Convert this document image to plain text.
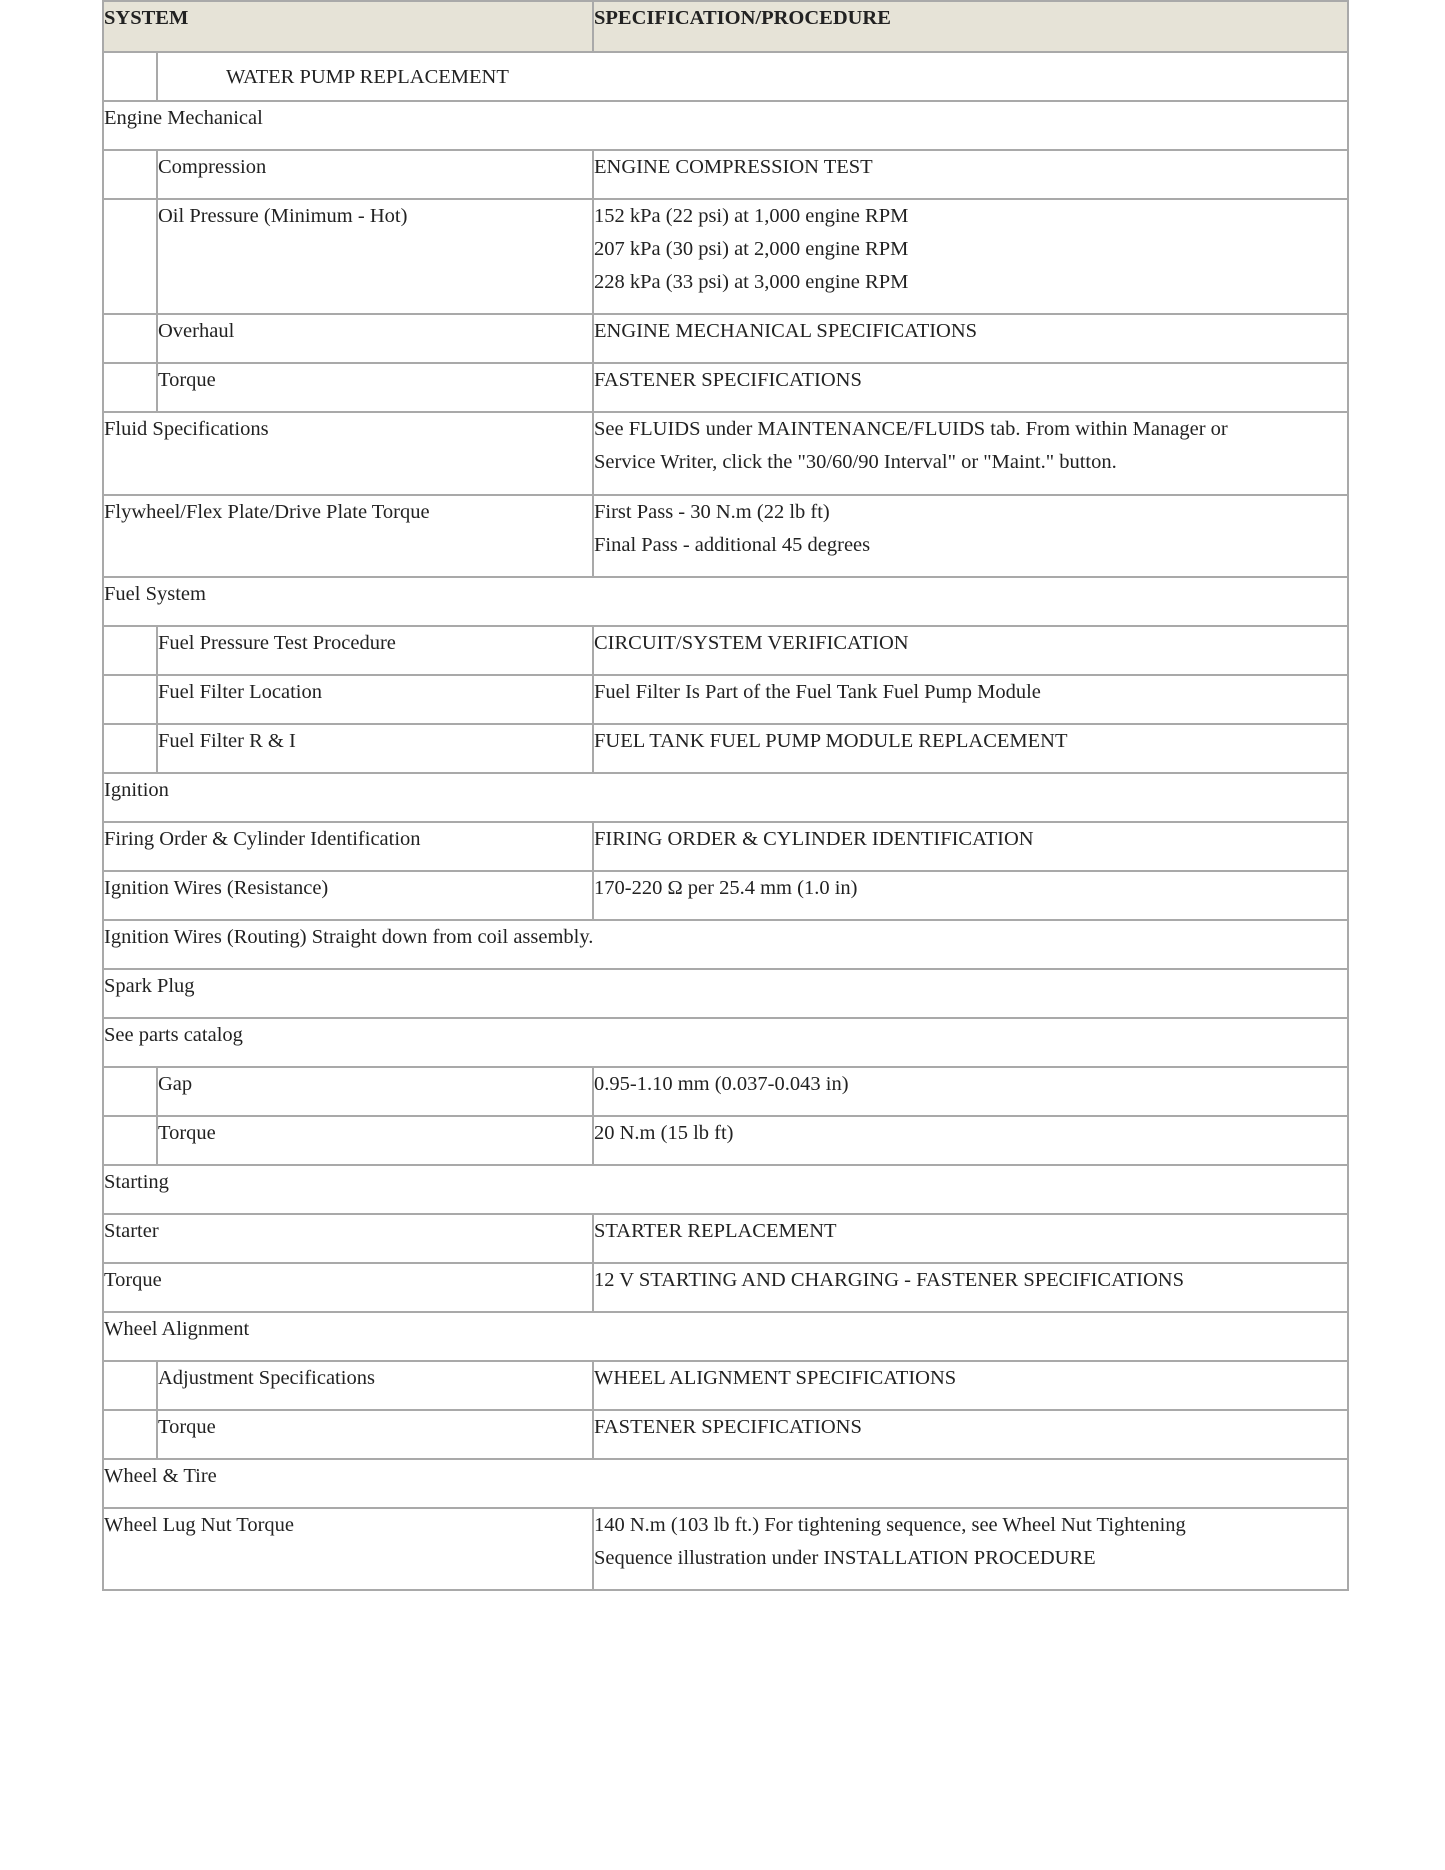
SYSTEM		SPECIFICATION/PROCEDURE
	WATER PUMP REPLACEMENT	
Engine Mechanical		
	Compression	ENGINE COMPRESSION TEST
	Oil Pressure (Minimum - Hot)	152 kPa (22 psi) at 1,000 engine RPM
207 kPa (30 psi) at 2,000 engine RPM
228 kPa (33 psi) at 3,000 engine RPM

	Overhaul	ENGINE MECHANICAL SPECIFICATIONS
	Torque	FASTENER SPECIFICATIONS
Fluid Specifications		See FLUIDS under MAINTENANCE/FLUIDS tab. From within Manager or
Service Writer, click the "30/60/90 Interval" or "Maint." button.

Flywheel/Flex Plate/Drive Plate Torque		First Pass - 30 N.m (22 lb ft)
Final Pass - additional 45 degrees

Fuel System		
	Fuel Pressure Test Procedure	CIRCUIT/SYSTEM VERIFICATION
	Fuel Filter Location	Fuel Filter Is Part of the Fuel Tank Fuel Pump Module
	Fuel Filter R & I	FUEL TANK FUEL PUMP MODULE REPLACEMENT
Ignition		
Firing Order & Cylinder Identification		FIRING ORDER & CYLINDER IDENTIFICATION
Ignition Wires (Resistance)		170-220 Ω per 25.4 mm (1.0 in)
Ignition Wires (Routing) Straight down from coil assembly.		
Spark Plug		
See parts catalog		
	Gap	0.95-1.10 mm (0.037-0.043 in)
	Torque	20 N.m (15 lb ft)
Starting		
Starter		STARTER REPLACEMENT
Torque		12 V STARTING AND CHARGING - FASTENER SPECIFICATIONS
Wheel Alignment		
	Adjustment Specifications	WHEEL ALIGNMENT SPECIFICATIONS
	Torque	FASTENER SPECIFICATIONS
Wheel & Tire		
Wheel Lug Nut Torque		140 N.m (103 lb ft.) For tightening sequence, see Wheel Nut Tightening
Sequence illustration under INSTALLATION PROCEDURE
